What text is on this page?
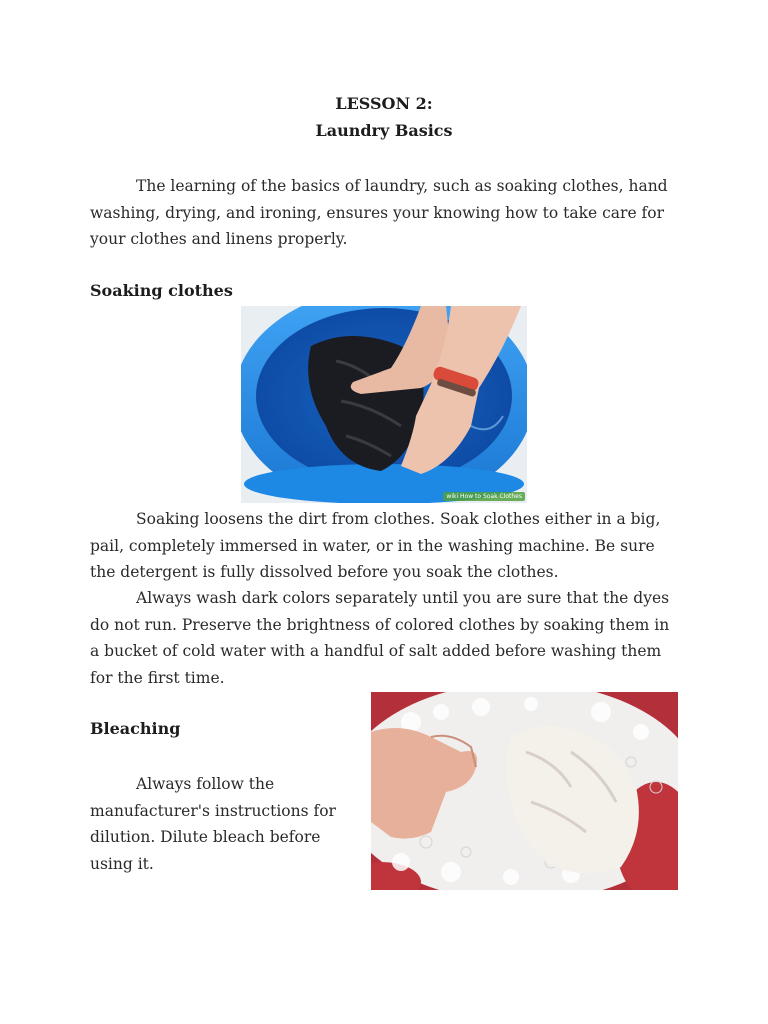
LESSON 2:
Laundry Basics

The learning of the basics of laundry, such as soaking clothes, hand washing, drying, and ironing, ensures your knowing how to take care for your clothes and linens properly.

Soaking clothes
wiki How to Soak Clothes

Soaking loosens the dirt from clothes. Soak clothes either in a big, pail, completely immersed in water, or in the washing machine. Be sure the detergent is fully dissolved before you soak the clothes.

Always wash dark colors separately until you are sure that the dyes do not run. Preserve the brightness of colored clothes by soaking them in a bucket of cold water with a handful of salt added before washing them for the first time.

Bleaching

Always follow the manufacturer's instructions for dilution. Dilute bleach before using it.
